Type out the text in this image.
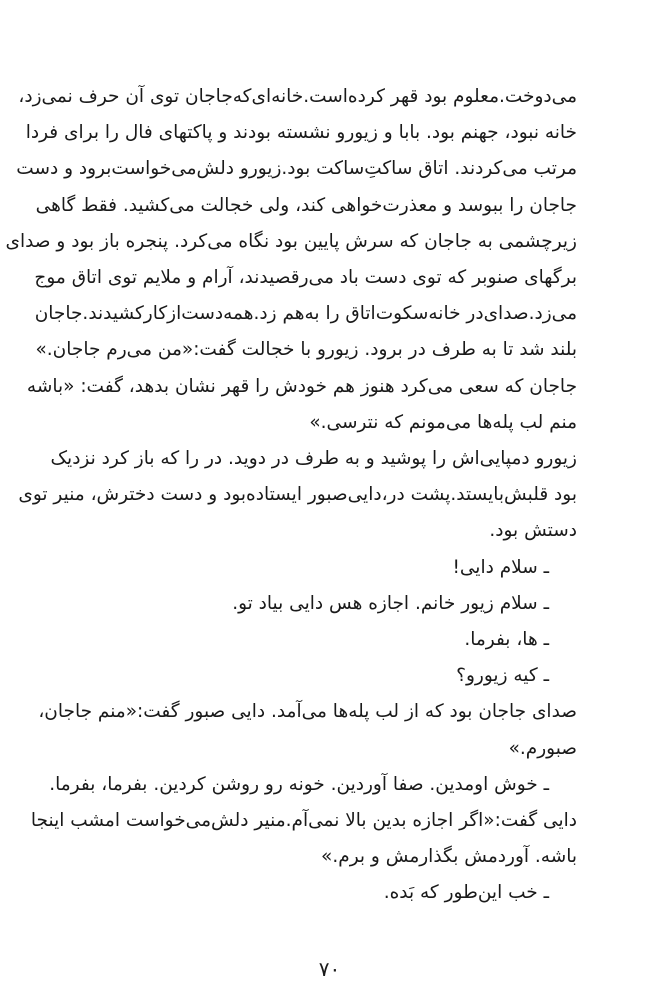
می‌دوخت.معلوم بود قهر کرده‌است.خانه‌ای‌که‌جاجان توی آن حرف نمی‌زد،
خانه نبود، جهنم بود. بابا و زیورو نشسته بودند و پاکتهای فال را برای فردا
مرتب می‌کردند. اتاق ساکتِ‌ساکت بود.زیورو دلش‌می‌خواست‌برود و دست
جاجان را ببوسد و معذرت‌خواهی کند، ولی خجالت می‌کشید. فقط گاهی
زیرچشمی به جاجان که سرش پایین بود نگاه می‌کرد. پنجره باز بود و صدای
برگهای صنوبر که توی دست باد می‌رقصیدند، آرام و ملایم توی اتاق موج
می‌زد.صدای‌در خانه‌سکوت‌اتاق را به‌هم زد.همه‌دست‌ازکارکشیدند.جاجان
بلند شد تا به طرف در برود. زیورو با خجالت گفت:«من می‌رم جاجان.»
جاجان که سعی می‌کرد هنوز هم خودش را قهر نشان بدهد، گفت: «باشه
منم لب پله‌ها می‌مونم که نترسی.»
زیورو دمپایی‌اش را پوشید و به طرف در دوید. در را که باز کرد نزدیک
بود قلبش‌بایستد.پشت در،دایی‌صبور ایستاده‌بود و دست دخترش، منیر توی
دستش بود.
ـ سلام دایی!
ـ سلام زیور خانم. اجازه هس دایی بیاد تو.
ـ ها، بفرما.
ـ کیه زیورو؟
صدای جاجان بود که از لب پله‌ها می‌آمد. دایی صبور گفت:«منم جاجان،
صبورم.»
ـ خوش اومدین. صفا آوردین. خونه رو روشن کردین. بفرما، بفرما.
دایی گفت:«اگر اجازه بدین بالا نمی‌آم.منیر دلش‌می‌خواست امشب اینجا
باشه. آوردمش بگذارمش و برم.»
ـ خب این‌طور که بَده.
۷۰
